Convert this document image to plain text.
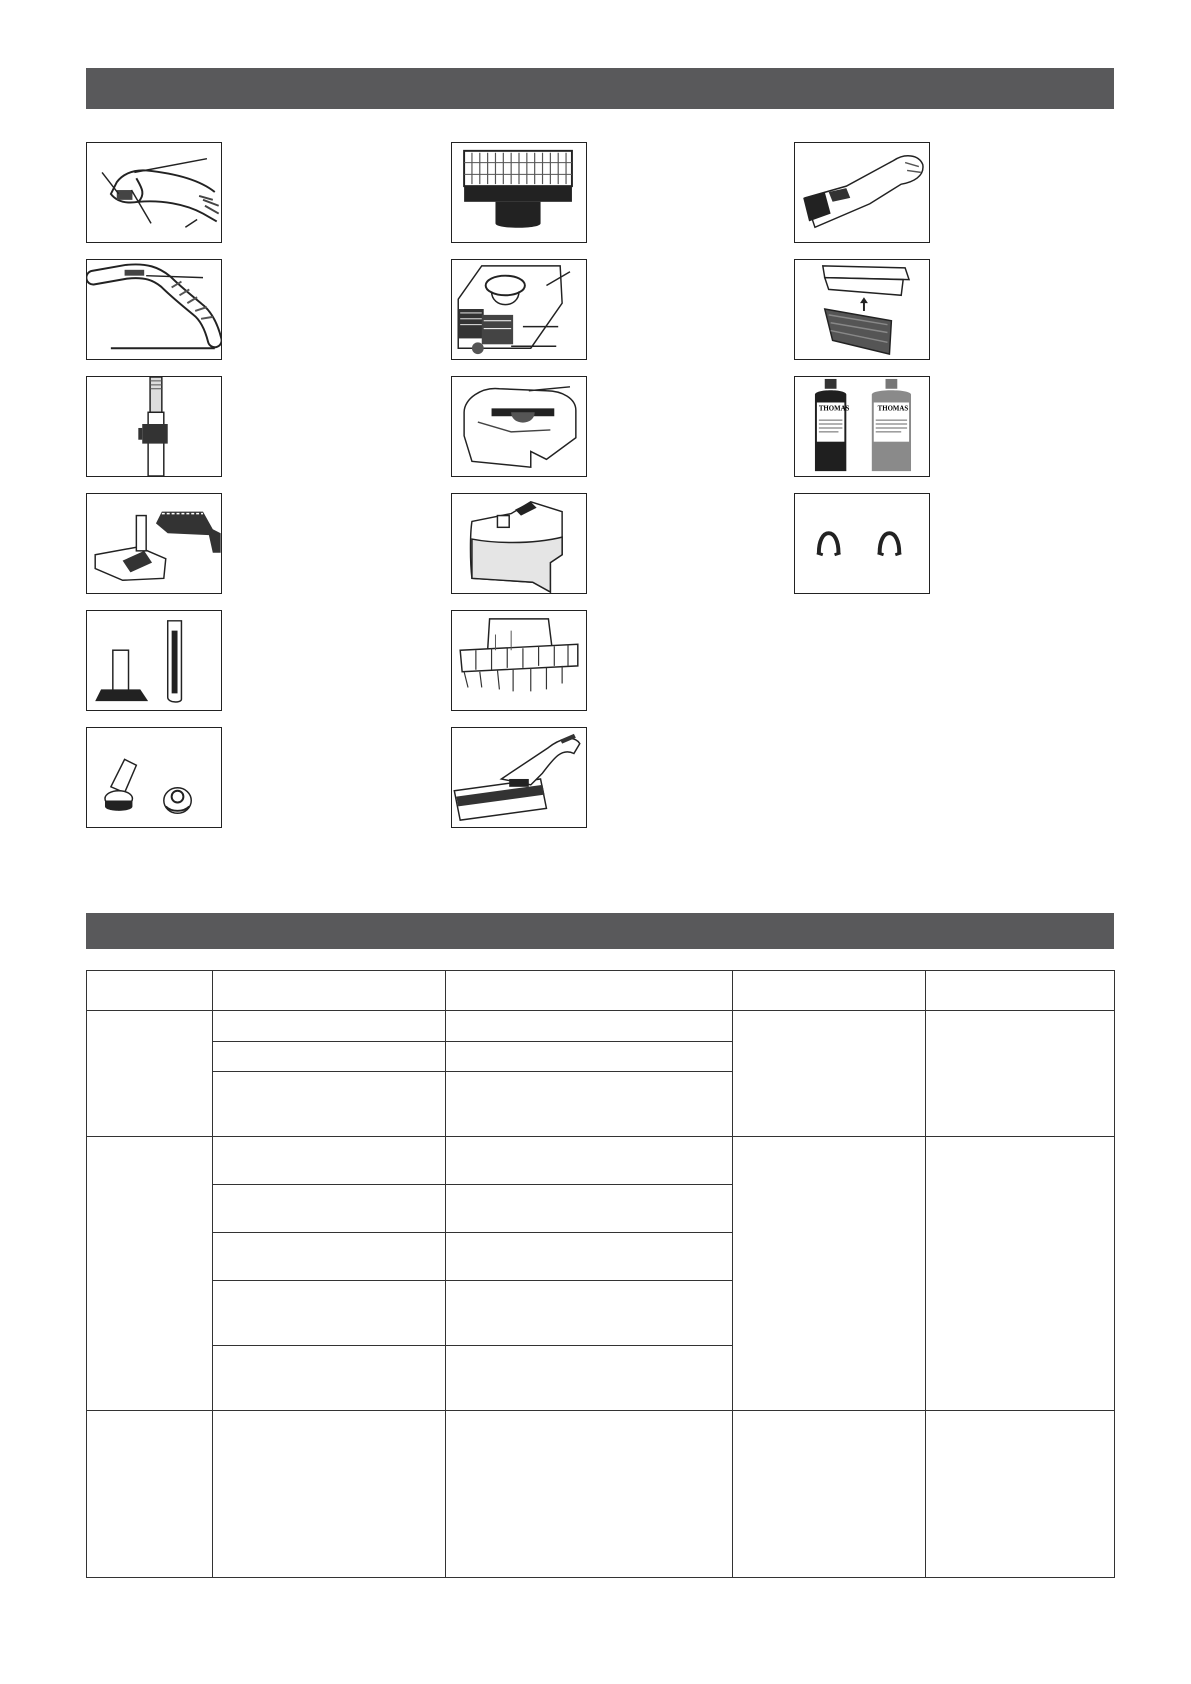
THOMAS	THOMAS
